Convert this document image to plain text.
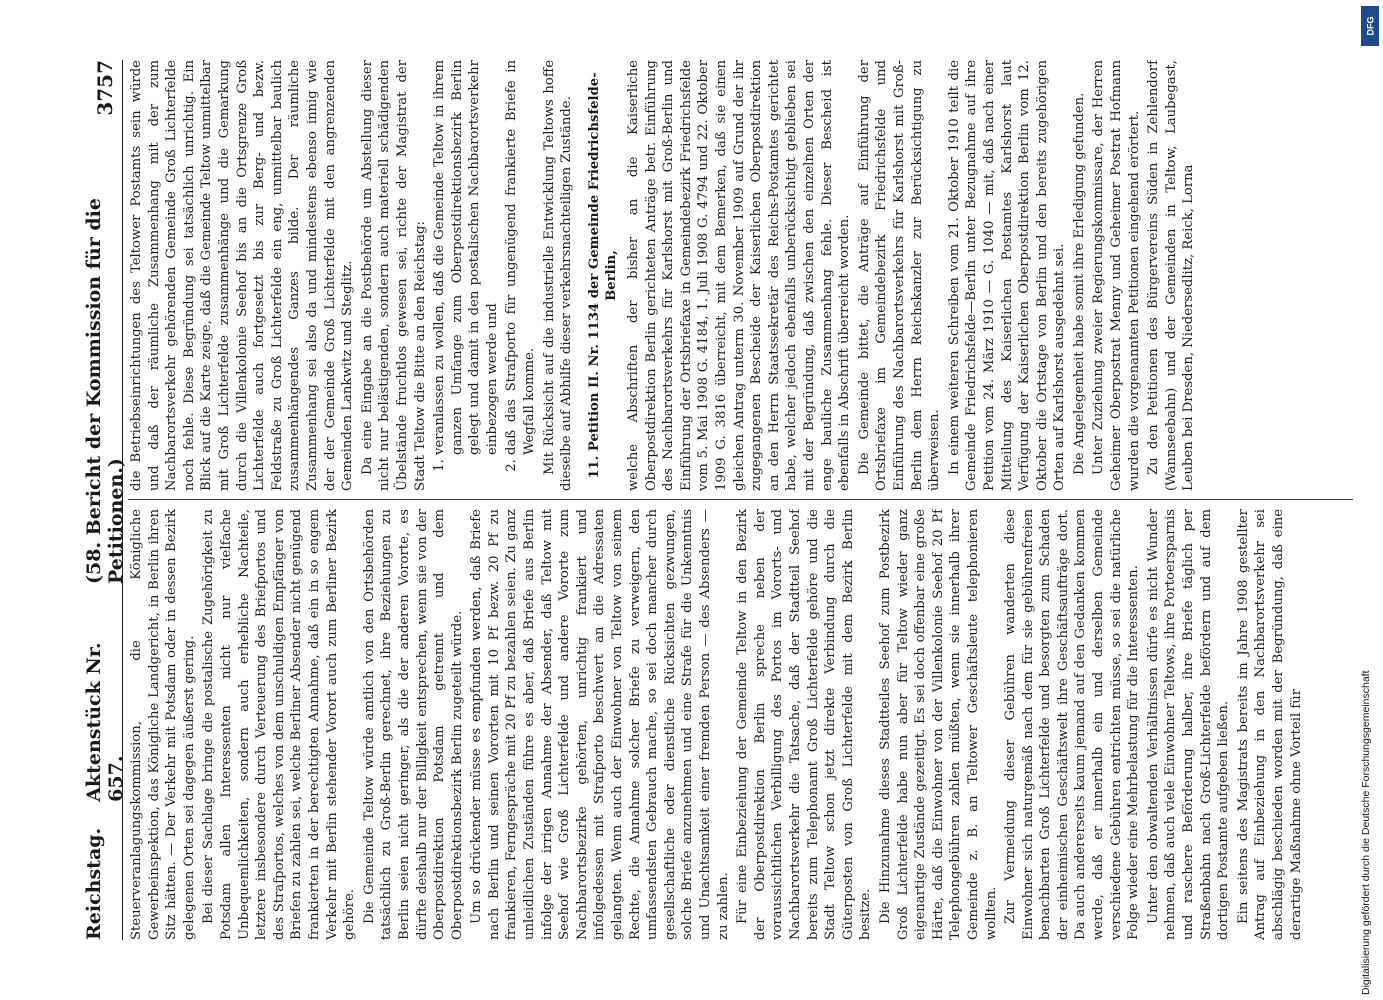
Reichstag.
Aktenstück Nr. 657.
(58. Bericht der Kommission für die Petitionen.)
3757

Steuerveranlagungskommission, die Königliche Gewerbeinspektion, das Königliche Landgericht, in Berlin ihren Sitz hätten. — Der Verkehr mit Potsdam oder in dessen Bezirk gelegenen Orten sei dagegen äußerst gering. Bei dieser Sachlage bringe die postalische Zugehörigkeit zu Potsdam allen Interessenten nicht nur vielfache Unbequemlichkeiten, sondern auch erhebliche Nachteile, letztere insbesondere durch Verteuerung des Briefportos und des Strafportos, welches von dem unschuldigen Empfänger von Briefen zu zahlen sei, welche Berliner Absender nicht genügend frankierten in der berechtigten Annahme, daß ein in so engem Verkehr mit Berlin stehender Vorort auch zum Berliner Bezirk gehöre. Die Gemeinde Teltow würde amtlich von den Ortsbehörden tatsächlich zu Groß-Berlin gerechnet, ihre Beziehungen zu Berlin seien nicht geringer, als die der anderen Vororte, es dürfte deshalb nur der Billigkeit entsprechen, wenn sie von der Oberpostdirektion Potsdam getrennt und dem Oberpostdirektionsbezirk Berlin zugeteilt würde. Um so drückender müsse es empfunden werden, daß Briefe nach Berlin und seinen Vororten mit 10 Pf bezw. 20 Pf zu frankieren, Ferngespräche mit 20 Pf zu bezahlen seien. Zu ganz unleidlichen Zuständen führe es aber, daß Briefe aus Berlin infolge der irrigen Annahme der Absender, daß Teltow mit Seehof wie Groß Lichterfelde und andere Vororte zum Nachbarortsbezirke gehörten, unrichtig frankiert und infolgedessen mit Strafporto beschwert an die Adressaten gelangten. Wenn auch der Einwohner von Teltow von seinem Rechte, die Annahme solcher Briefe zu verweigern, den umfassendsten Gebrauch mache, so sei doch mancher durch gesellschaftliche oder dienstliche Rücksichten gezwungen, solche Briefe anzunehmen und eine Strafe für die Unkenntnis und Unachtsamkeit einer fremden Person — des Absenders — zu zahlen. Für eine Einbeziehung der Gemeinde Teltow in den Bezirk der Oberpostdirektion Berlin spreche neben der voraussichtlichen Verbilligung des Portos im Vororts- und Nachbarortsverkehr die Tatsache, daß der Stadtteil Seehof bereits zum Telephonamt Groß Lichterfelde gehöre und die Stadt Teltow schon jetzt direkte Verbindung durch die Güterposten von Groß Lichterfelde mit dem Bezirk Berlin besitze. Die Hinzunahme dieses Stadtteiles Seehof zum Postbezirk Groß Lichterfelde habe nun aber für Teltow wieder ganz eigenartige Zustände gezeitigt. Es sei doch offenbar eine große Härte, daß die Einwohner von der Villenkolonie Seehof 20 Pf Telephongebühren zahlen müßten, wenn sie innerhalb ihrer Gemeinde z. B. an Teltower Geschäftsleute telephonieren wollten. Zur Vermeidung dieser Gebühren wanderten diese Einwohner sich naturgemäß nach dem für sie gebührenfreien benachbarten Groß Lichterfelde und besorgten zum Schaden der einheimischen Geschäftswelt ihre Geschäftsaufträge dort. Da auch andererseits kaum jemand auf den Gedanken kommen werde, daß er innerhalb ein und derselben Gemeinde verschiedene Gebühren entrichten müsse, so sei die natürliche Folge wieder eine Mehrbelastung für die Interessenten. Unter den obwaltenden Verhältnissen dürfe es nicht Wunder nehmen, daß auch viele Einwohner Teltows, ihre Portoersparnis und raschere Beförderung halber, ihre Briefe täglich per Straßenbahn nach Groß-Lichterfelde befördern und auf dem dortigen Postamte aufgeben ließen. Ein seitens des Magistrats bereits im Jahre 1908 gestellter Antrag auf Einbeziehung in den Nachbarortsverkehr sei abschlägig beschieden worden mit der Begründung, daß eine derartige Maßnahme ohne Vorteil für

die Betriebseinrichtungen des Teltower Postamts sein würde und daß der räumliche Zusammenhang mit der zum Nachbarortsverkehr gehörenden Gemeinde Groß Lichterfelde noch fehle. Diese Begründung sei tatsächlich unrichtig. Ein Blick auf die Karte zeige, daß die Gemeinde Teltow unmittelbar mit Groß Lichterfelde zusammenhänge und die Gemarkung durch die Villenkolonie Seehof bis an die Ortsgrenze Groß Lichterfelde auch fortgesetzt bis zur Berg- und bezw. Feldstraße zu Groß Lichterfelde ein eng, unmittelbar baulich zusammenhängendes Ganzes bilde. Der räumliche Zusammenhang sei also da und mindestens ebenso innig wie der der Gemeinde Groß Lichterfelde mit den angrenzenden Gemeinden Lankwitz und Steglitz. Da eine Eingabe an die Postbehörde um Abstellung dieser nicht nur belästigenden, sondern auch materiell schädigenden Übelstände fruchtlos gewesen sei, richte der Magistrat der Stadt Teltow die Bitte an den Reichstag: 1. veranlassen zu wollen, daß die Gemeinde Teltow in ihrem ganzen Umfange zum Oberpostdirektionsbezirk Berlin gelegt und damit in den postalischen Nachbarortsverkehr einbezogen werde und 2. daß das Strafporto für ungenügend frankierte Briefe in Wegfall komme. Mit Rücksicht auf die industrielle Entwicklung Teltows hoffe dieselbe auf Abhilfe dieser verkehrsnachteiligen Zustände. 11. Petition II. Nr. 1134 der Gemeinde Friedrichsfelde-Berlin, welche Abschriften der bisher an die Kaiserliche Oberpostdirektion Berlin gerichteten Anträge betr. Einführung des Nachbarortsverkehrs für Karlshorst mit Groß-Berlin und Einführung der Ortsbriefaxe in Gemeindebezirk Friedrichsfelde vom 5. Mai 1908 G. 4184, 1. Juli 1908 G. 4794 und 22. Oktober 1909 G. 3816 überreicht, mit dem Bemerken, daß sie einen gleichen Antrag unterm 30. November 1909 auf Grund der ihr zugegangenen Bescheide der Kaiserlichen Oberpostdirektion an den Herrn Staatssekretär des Reichs-Postamtes gerichtet habe, welcher jedoch ebenfalls unberücksichtigt geblieben sei mit der Begründung, daß zwischen den einzelnen Orten der enge bauliche Zusammenhang fehle. Dieser Bescheid ist ebenfalls in Abschrift überreicht worden. Die Gemeinde bittet, die Anträge auf Einführung der Ortsbriefaxe im Gemeindebezirk Friedrichsfelde und Einführung des Nachbarortsverkehrs für Karlshorst mit Groß-Berlin dem Herrn Reichskanzler zur Berücksichtigung zu überweisen. In einem weiteren Schreiben vom 21. Oktober 1910 teilt die Gemeinde Friedrichsfelde—Berlin unter Bezugnahme auf ihre Petition vom 24. März 1910 — G. 1040 — mit, daß nach einer Mitteilung des Kaiserlichen Postamtes Karlshorst laut Verfügung der Kaiserlichen Oberpostdirektion Berlin vom 12. Oktober die Ortstage von Berlin und den bereits zugehörigen Orten auf Karlshorst ausgedehnt sei. Die Angelegenheit habe somit ihre Erledigung gefunden. Unter Zuziehung zweier Regierungskommissare, der Herren Geheimer Oberpostrat Menny und Geheimer Postrat Hofmann wurden die vorgenannten Petitionen eingehend erörtert. Zu den Petitionen des Bürgervereins Süden in Zehlendorf (Wannseebahn) und der Gemeinden in Teltow, Laubegast, Leuben bei Dresden, Niedersedlitz, Reick, Lorna

Digitalisierung gefördert durch die Deutsche Forschungsgemeinschaft
DFG
